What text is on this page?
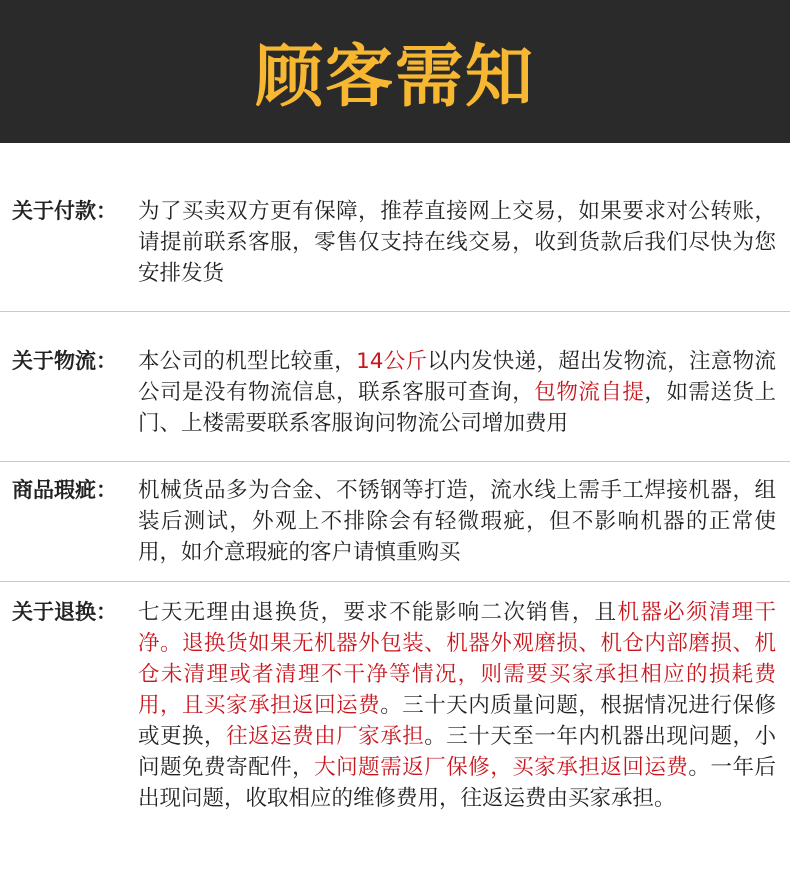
顾客需知
关于付款： 为了买卖双方更有保障，推荐直接网上交易，如果要求对公转账，请提前联系客服，零售仅支持在线交易，收到货款后我们尽快为您安排发货
关于物流： 本公司的机型比较重，14公斤以内发快递，超出发物流，注意物流公司是没有物流信息，联系客服可查询，包物流自提，如需送货上门、上楼需要联系客服询问物流公司增加费用
商品瑕疵： 机械货品多为合金、不锈钢等打造，流水线上需手工焊接机器，组装后测试，外观上不排除会有轻微瑕疵，但不影响机器的正常使用，如介意瑕疵的客户请慎重购买
关于退换： 七天无理由退换货，要求不能影响二次销售，且机器必须清理干净。退换货如果无机器外包装、机器外观磨损、机仓内部磨损、机仓未清理或者清理不干净等情况，则需要买家承担相应的损耗费用，且买家承担返回运费。三十天内质量问题，根据情况进行保修或更换，往返运费由厂家承担。三十天至一年内机器出现问题，小问题免费寄配件，大问题需返厂保修，买家承担返回运费。一年后出现问题，收取相应的维修费用，往返运费由买家承担。
